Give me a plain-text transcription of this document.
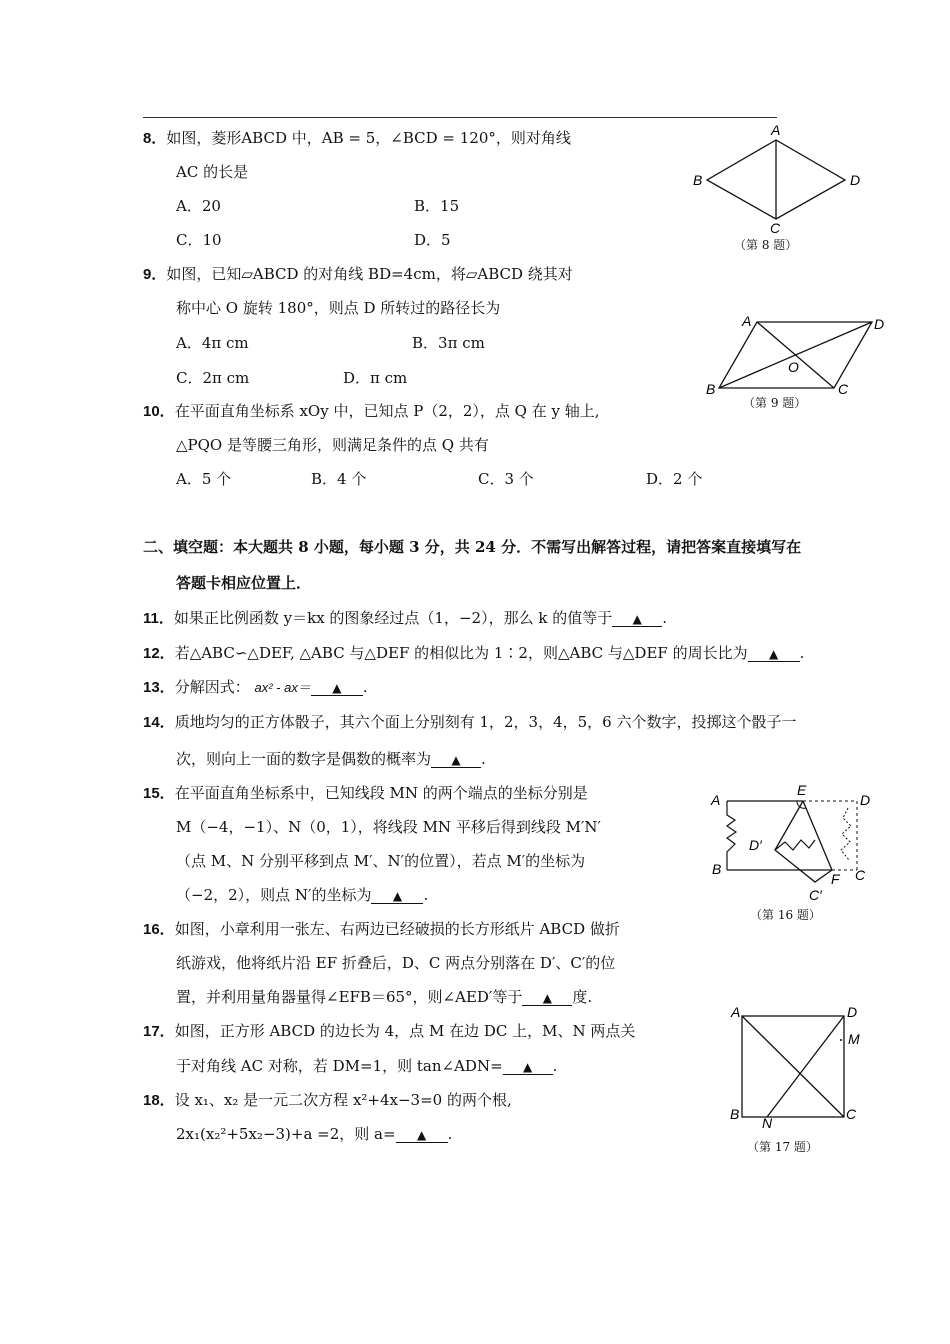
8．如图，菱形ABCD 中，AB = 5，∠BCD = 120°，则对角线
AC 的长是
A．20	B．15
C．10	D．5
A
B
C
D
（第 8 题）
9．如图，已知▱ABCD 的对角线 BD=4cm，将▱ABCD 绕其对
称中心 O 旋转 180°，则点 D 所转过的路径长为
A．4π cm	B．3π cm
C．2π cm	D．π cm
A
B	C
D
O
（第 9 题）
10．在平面直角坐标系 xOy 中，已知点 P（2，2），点 Q 在 y 轴上,
△PQO 是等腰三角形，则满足条件的点 Q 共有
A．5 个	B．4 个	C．3 个	D．2 个
二、填空题：本大题共 8 小题，每小题 3 分，共 24 分．不需写出解答过程，请把答案直接填写在
答题卡相应位置上．
11．如果正比例函数 y＝kx 的图象经过点（1，−2），那么 k 的值等于 ▲ .
12．若△ABC∽△DEF, △ABC 与△DEF 的相似比为 1∶2，则△ABC 与△DEF 的周长比为 ▲ .
13．分解因式： ax² - ax＝ ▲ .
14．质地均匀的正方体骰子，其六个面上分别刻有 1，2，3，4，5，6 六个数字，投掷这个骰子一
次，则向上一面的数字是偶数的概率为 ▲ .
15．在平面直角坐标系中，已知线段 MN 的两个端点的坐标分别是
M（−4，−1）、N（0，1），将线段 MN 平移后得到线段 M′N′
（点 M、N 分别平移到点 M′、N′的位置），若点 M′的坐标为
（−2，2），则点 N′的坐标为 ▲ .
A
E
D
D′
B
F C
C′
（第 16 题）
16．如图，小章利用一张左、右两边已经破损的长方形纸片 ABCD 做折
纸游戏，他将纸片沿 EF 折叠后，D、C 两点分别落在 D′、C′的位
置，并利用量角器量得∠EFB＝65°，则∠AED′等于 ▲ 度.
17．如图，正方形 ABCD 的边长为 4，点 M 在边 DC 上，M、N 两点关
于对角线 AC 对称，若 DM=1，则 tan∠ADN= ▲ .
A	D
M
B
N
C
（第 17 题）
18．设 x₁、x₂ 是一元二次方程 x²+4x−3=0 的两个根,
2x₁(x₂²+5x₂−3)+a =2，则 a= ▲ .
